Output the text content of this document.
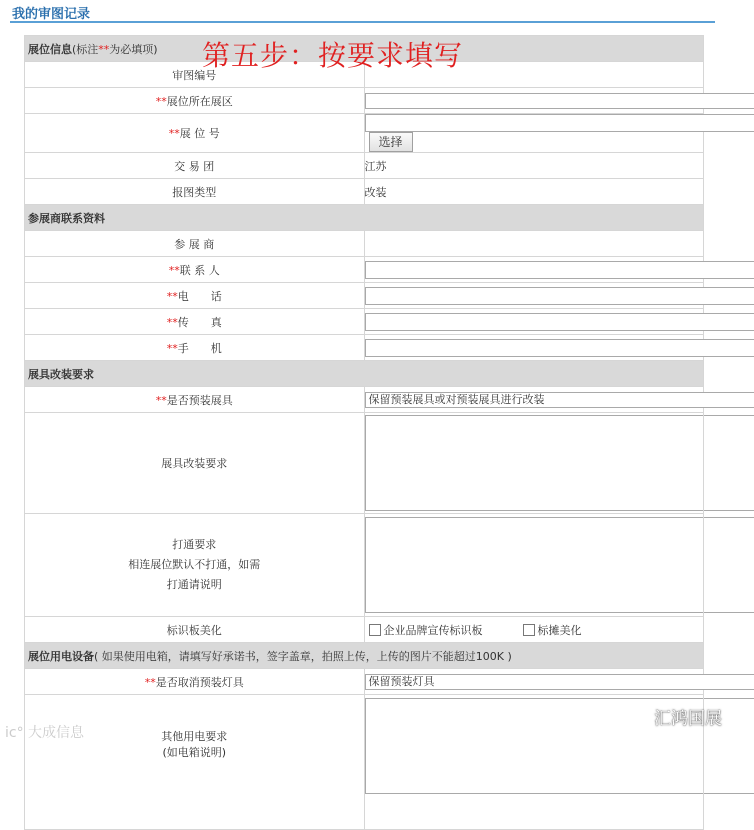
我的审图记录
展位信息(标注**为必填项)	
审图编号	
**展位所在展区	

**展 位 号	选择
交 易 团	江苏
报图类型	改装
参展商联系资料	
参 展 商	
**联 系 人	
**电　　话	
**传　　真	
**手　　机	
展具改装要求	
**是否预装展具	保留预装展具或对预装展具进行改装

展具改装要求	

打通要求
相连展位默认不打通，如需
打通请说明	

标识板美化	企业品牌宣传标识板 标摊美化
展位用电设备( 如果使用电箱，请填写好承诺书，签字盖章，拍照上传，上传的图片不能超过100K )	
**是否取消预装灯具	保留预装灯具

其他用电要求
(如电箱说明)	

第五步：按要求填写
ic° 大成信息
汇鸿国展
